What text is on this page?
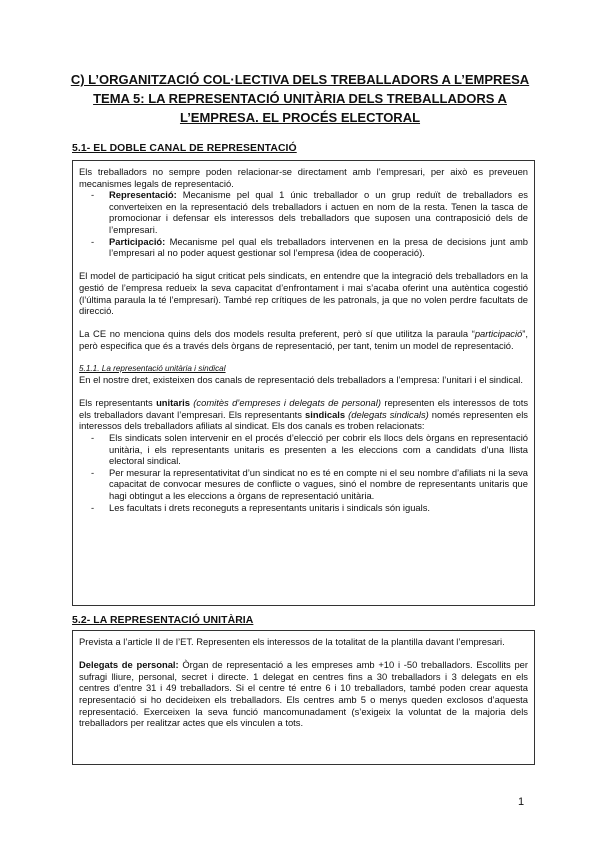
C) L’ORGANITZACIÓ COL·LECTIVA DELS TREBALLADORS A L’EMPRESA
TEMA 5: LA REPRESENTACIÓ UNITÀRIA DELS TREBALLADORS A
L’EMPRESA. EL PROCÉS ELECTORAL
5.1- EL DOBLE CANAL DE REPRESENTACIÓ

Els treballadors no sempre poden relacionar-se directament amb l’empresari, per això es preveuen mecanismes legals de representació.

- Representació: Mecanisme pel qual 1 únic treballador o un grup reduït de treballadors es converteixen en la representació dels treballadors i actuen en nom de la resta. Tenen la tasca de promocionar i defensar els interessos dels treballadors que suposen una contraposició dels de l’empresari.
- Participació: Mecanisme pel qual els treballadors intervenen en la presa de decisions junt amb l’empresari al no poder aquest gestionar sol l’empresa (idea de cooperació).

El model de participació ha sigut criticat pels sindicats, en entendre que la integració dels treballadors en la gestió de l’empresa redueix la seva capacitat d’enfrontament i mai s’acaba oferint una autèntica cogestió (l’última paraula la té l’empresari). També rep crítiques de les patronals, ja que no volen perdre facultats de direcció.

La CE no menciona quins dels dos models resulta preferent, però sí que utilitza la paraula “participació”, però especifica que és a través dels òrgans de representació, per tant, tenim un model de representació.

5.1.1. La representació unitària i sindical

En el nostre dret, existeixen dos canals de representació dels treballadors a l’empresa: l’unitari i el sindical.

Els representants unitaris (comitès d’empreses i delegats de personal) representen els interessos de tots els treballadors davant l’empresari. Els representants sindicals (delegats sindicals) només representen els interessos dels treballadors afiliats al sindicat. Els dos canals es troben relacionats:

- Els sindicats solen intervenir en el procés d’elecció per cobrir els llocs dels òrgans en representació unitària, i els representants unitaris es presenten a les eleccions com a candidats d’una llista electoral sindical.
- Per mesurar la representativitat d’un sindicat no es té en compte ni el seu nombre d’afiliats ni la seva capacitat de convocar mesures de conflicte o vagues, sinó el nombre de representants unitaris que hagi obtingut a les eleccions a òrgans de representació unitària.
- Les facultats i drets reconeguts a representants unitaris i sindicals són iguals.
5.2- LA REPRESENTACIÓ UNITÀRIA

Prevista a l’article II de l’ET. Representen els interessos de la totalitat de la plantilla davant l’empresari.

Delegats de personal: Òrgan de representació a les empreses amb +10 i -50 treballadors. Escollits per sufragi lliure, personal, secret i directe. 1 delegat en centres fins a 30 treballadors i 3 delegats en els centres d’entre 31 i 49 treballadors. Si el centre té entre 6 i 10 treballadors, també poden crear aquesta representació si ho decideixen els treballadors. Els centres amb 5 o menys queden exclosos d’aquesta representació. Exerceixen la seva funció mancomunadament (s’exigeix la voluntat de la majoria dels treballadors per realitzar actes que els vinculen a tots.

1
